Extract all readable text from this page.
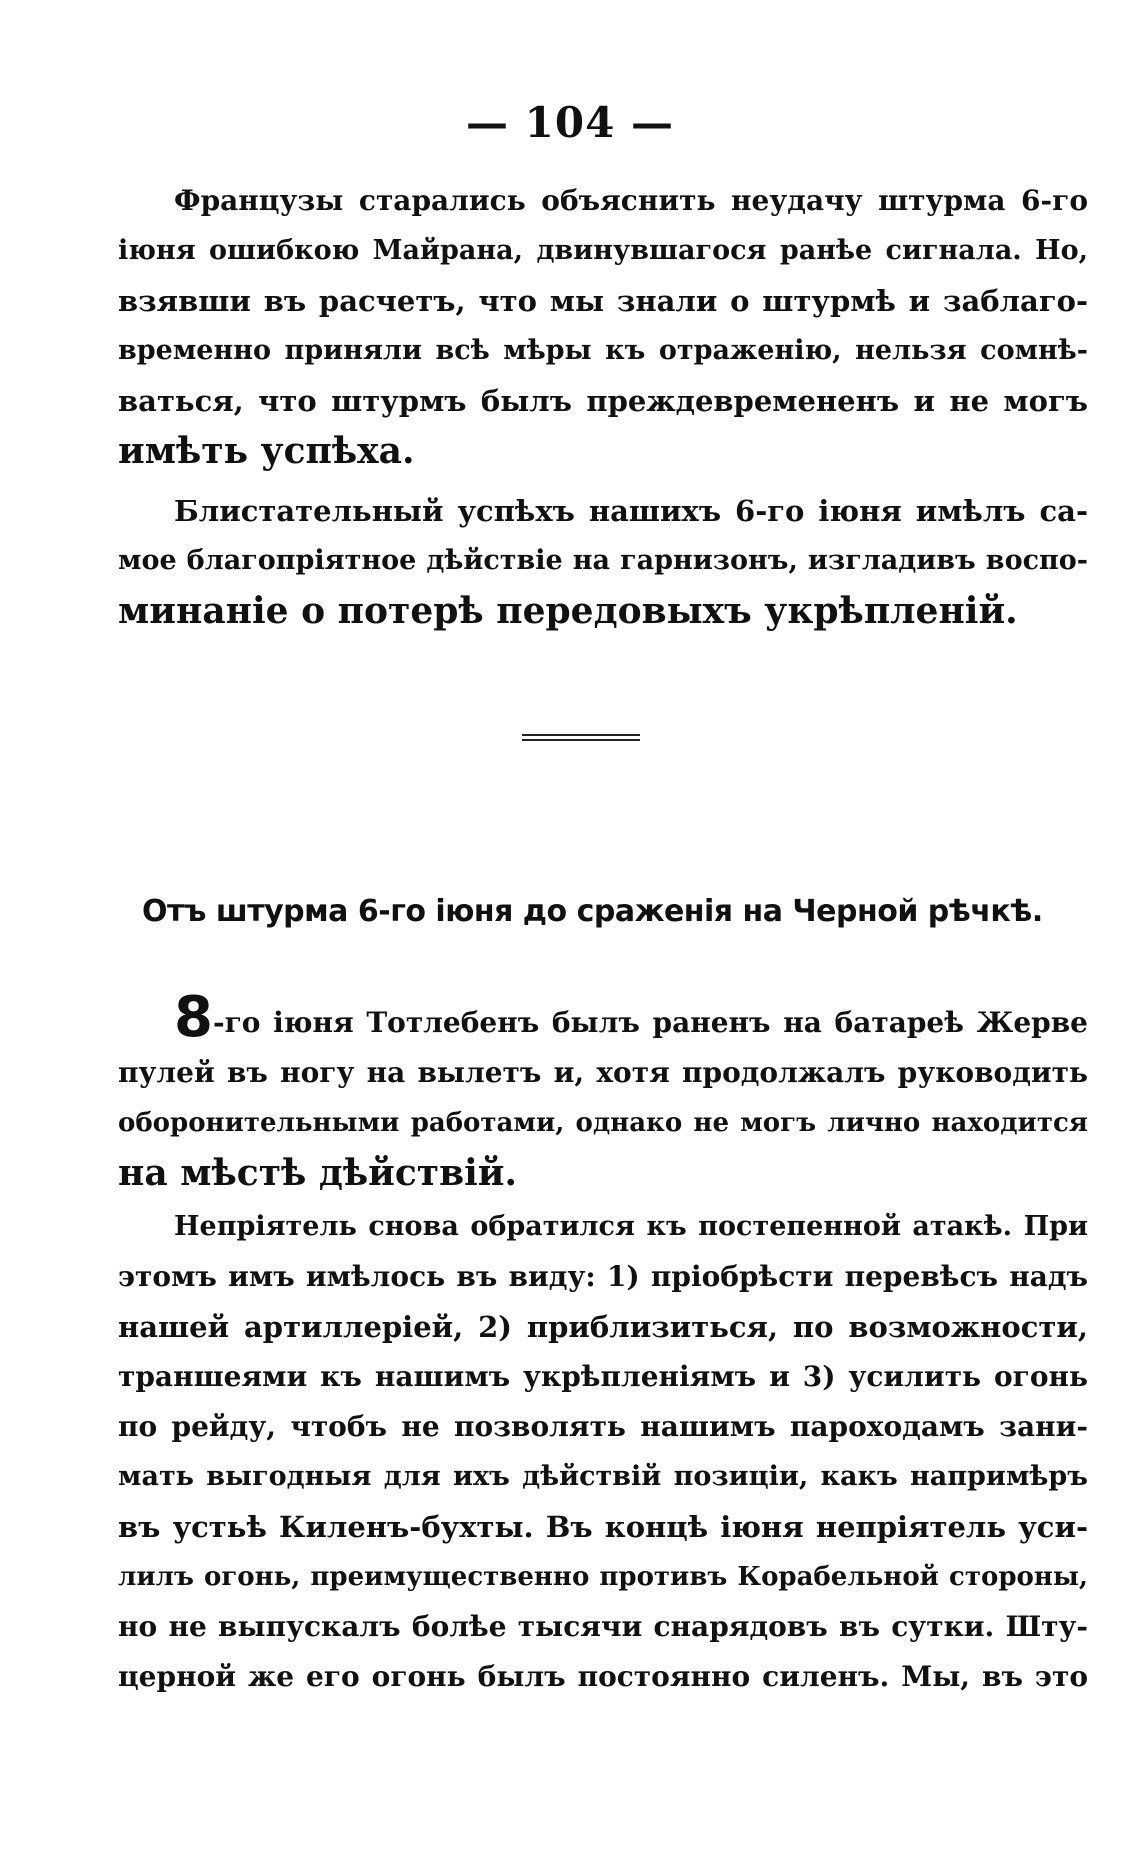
— 104 —
Французы старались объяснить неудачу штурма 6-го
іюня ошибкою Майрана, двинувшагося ранѣе сигнала. Но,
взявши въ расчетъ, что мы знали о штурмѣ и заблаго-
временно приняли всѣ мѣры къ отраженію, нельзя сомнѣ-
ваться, что штурмъ былъ преждевремененъ и не могъ
имѣть успѣха.
Блистательный успѣхъ нашихъ 6-го іюня имѣлъ са-
мое благопріятное дѣйствіе на гарнизонъ, изгладивъ воспо-
минаніе о потерѣ передовыхъ укрѣпленій.
Отъ штурма 6-го іюня до сраженія на Черной рѣчкѣ.
8-го іюня Тотлебенъ былъ раненъ на батареѣ Жерве
пулей въ ногу на вылетъ и, хотя продолжалъ руководить
оборонительными работами, однако не могъ лично находится
на мѣстѣ дѣйствій.
Непріятель снова обратился къ постепенной атакѣ. При
этомъ имъ имѣлось въ виду: 1) пріобрѣсти перевѣсъ надъ
нашей артиллеріей, 2) приблизиться, по возможности,
траншеями къ нашимъ укрѣпленіямъ и 3) усилить огонь
по рейду, чтобъ не позволять нашимъ пароходамъ зани-
мать выгодныя для ихъ дѣйствій позиціи, какъ напримѣръ
въ устьѣ Киленъ-бухты. Въ концѣ іюня непріятель уси-
лилъ огонь, преимущественно противъ Корабельной стороны,
но не выпускалъ болѣе тысячи снарядовъ въ сутки. Шту-
церной же его огонь былъ постоянно силенъ. Мы, въ это
